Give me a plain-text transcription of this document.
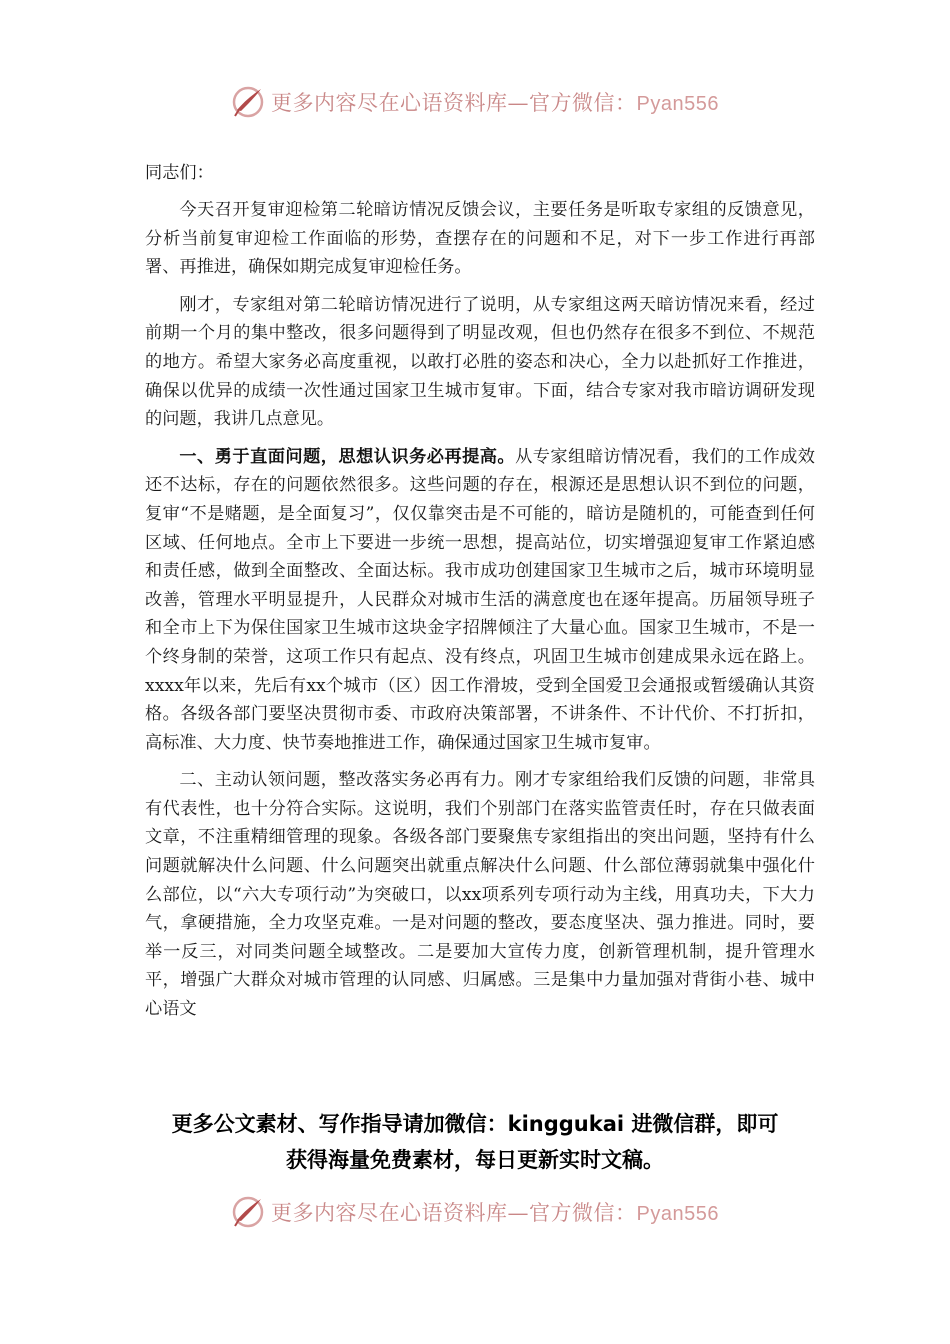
更多内容尽在心语资料库—官方微信：Pyan556

同志们：

今天召开复审迎检第二轮暗访情况反馈会议，主要任务是听取专家组的反馈意见，分析当前复审迎检工作面临的形势，查摆存在的问题和不足，对下一步工作进行再部署、再推进，确保如期完成复审迎检任务。

刚才，专家组对第二轮暗访情况进行了说明，从专家组这两天暗访情况来看，经过前期一个月的集中整改，很多问题得到了明显改观，但也仍然存在很多不到位、不规范的地方。希望大家务必高度重视，以敢打必胜的姿态和决心，全力以赴抓好工作推进，确保以优异的成绩一次性通过国家卫生城市复审。下面，结合专家对我市暗访调研发现的问题，我讲几点意见。

一、勇于直面问题，思想认识务必再提高。从专家组暗访情况看，我们的工作成效还不达标，存在的问题依然很多。这些问题的存在，根源还是思想认识不到位的问题，复审“不是赌题，是全面复习”，仅仅靠突击是不可能的，暗访是随机的，可能查到任何区域、任何地点。全市上下要进一步统一思想，提高站位，切实增强迎复审工作紧迫感和责任感，做到全面整改、全面达标。我市成功创建国家卫生城市之后，城市环境明显改善，管理水平明显提升，人民群众对城市生活的满意度也在逐年提高。历届领导班子和全市上下为保住国家卫生城市这块金字招牌倾注了大量心血。国家卫生城市，不是一个终身制的荣誉，这项工作只有起点、没有终点，巩固卫生城市创建成果永远在路上。xxxx年以来，先后有xx个城市（区）因工作滑坡，受到全国爱卫会通报或暂缓确认其资格。各级各部门要坚决贯彻市委、市政府决策部署，不讲条件、不计代价、不打折扣，高标准、大力度、快节奏地推进工作，确保通过国家卫生城市复审。

二、主动认领问题，整改落实务必再有力。刚才专家组给我们反馈的问题，非常具有代表性，也十分符合实际。这说明，我们个别部门在落实监管责任时，存在只做表面文章，不注重精细管理的现象。各级各部门要聚焦专家组指出的突出问题，坚持有什么问题就解决什么问题、什么问题突出就重点解决什么问题、什么部位薄弱就集中强化什么部位，以“六大专项行动”为突破口，以xx项系列专项行动为主线，用真功夫，下大力气，拿硬措施，全力攻坚克难。一是对问题的整改，要态度坚决、强力推进。同时，要举一反三，对同类问题全域整改。二是要加大宣传力度，创新管理机制，提升管理水平，增强广大群众对城市管理的认同感、归属感。三是集中力量加强对背街小巷、城中心语文

更多公文素材、写作指导请加微信：kinggukai 进微信群，即可
获得海量免费素材，每日更新实时文稿。
更多内容尽在心语资料库—官方微信：Pyan556
